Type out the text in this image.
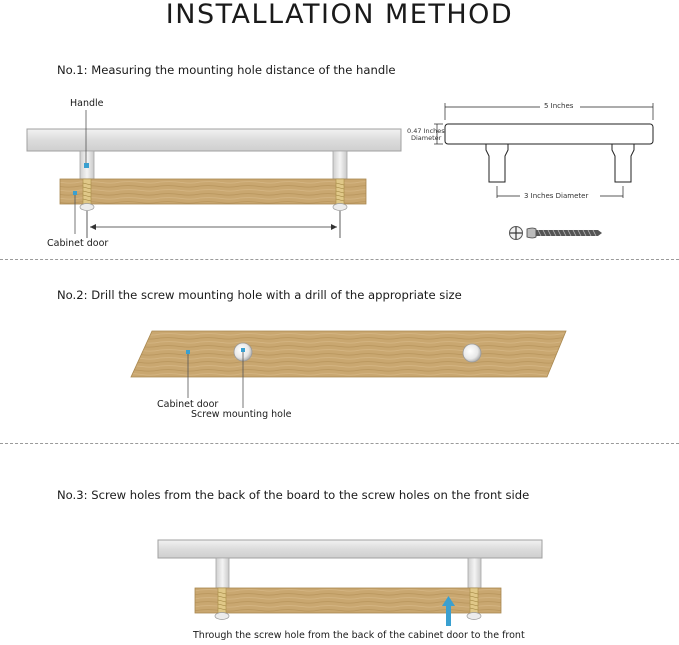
INSTALLATION METHOD
No.1: Measuring the mounting hole distance of the handle
Handle
Cabinet door
5 Inches
0.47 Inches
Diameter
3 Inches Diameter
No.2: Drill the screw mounting hole with a drill of the appropriate size
Cabinet door
Screw mounting hole
No.3: Screw holes from the back of the board to the screw holes on the front side
Through the screw hole from the back of the cabinet door to the front
